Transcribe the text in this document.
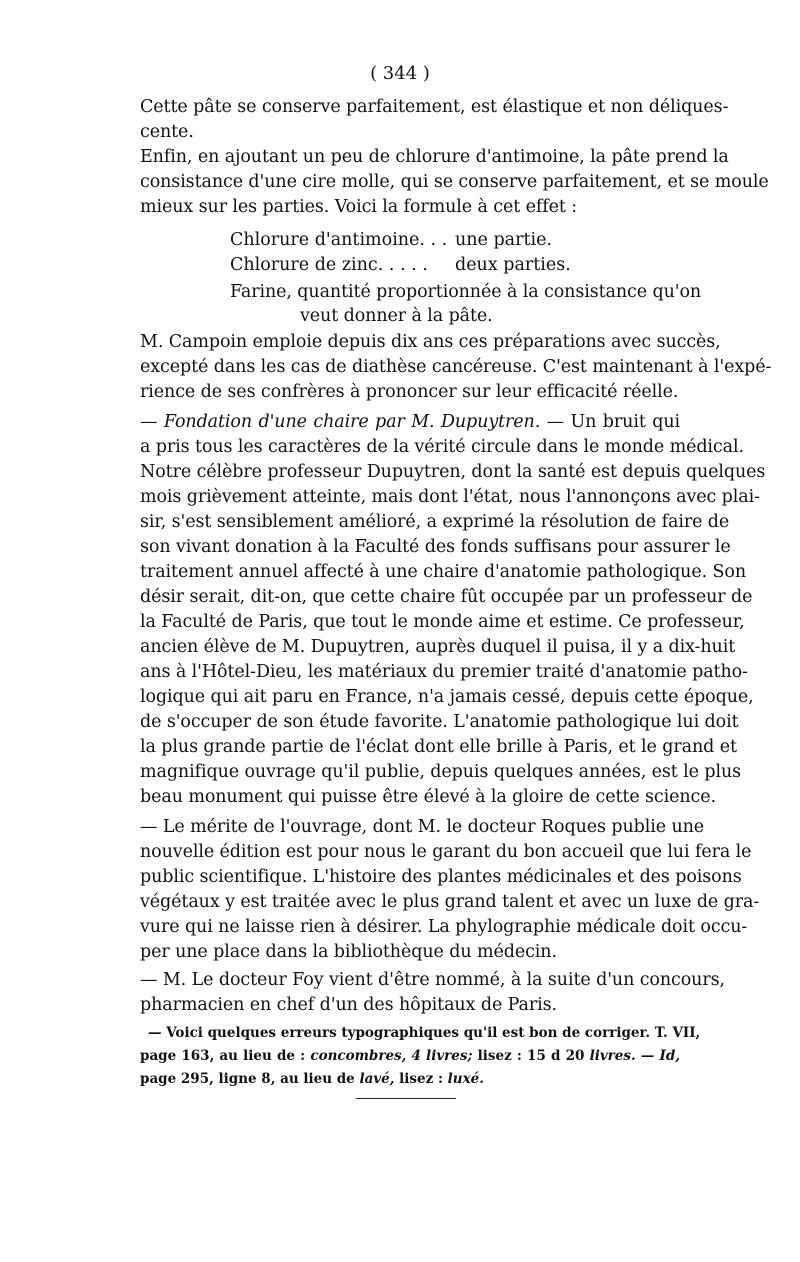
( 344 )
Cette pâte se conserve parfaitement, est élastique et non déliques-
cente.
Enfin, en ajoutant un peu de chlorure d'antimoine, la pâte prend la
consistance d'une cire molle, qui se conserve parfaitement, et se moule
mieux sur les parties. Voici la formule à cet effet :
Chlorure d'antimoine. . . une partie.
Chlorure de zinc. . . . . deux parties.
Farine, quantité proportionnée à la consistance qu'on
veut donner à la pâte.
M. Campoin emploie depuis dix ans ces préparations avec succès,
excepté dans les cas de diathèse cancéreuse. C'est maintenant à l'expé-
rience de ses confrères à prononcer sur leur efficacité réelle.
— Fondation d'une chaire par M. Dupuytren. — Un bruit qui
a pris tous les caractères de la vérité circule dans le monde médical.
Notre célèbre professeur Dupuytren, dont la santé est depuis quelques
mois grièvement atteinte, mais dont l'état, nous l'annonçons avec plai-
sir, s'est sensiblement amélioré, a exprimé la résolution de faire de
son vivant donation à la Faculté des fonds suffisans pour assurer le
traitement annuel affecté à une chaire d'anatomie pathologique. Son
désir serait, dit-on, que cette chaire fût occupée par un professeur de
la Faculté de Paris, que tout le monde aime et estime. Ce professeur,
ancien élève de M. Dupuytren, auprès duquel il puisa, il y a dix-huit
ans à l'Hôtel-Dieu, les matériaux du premier traité d'anatomie patho-
logique qui ait paru en France, n'a jamais cessé, depuis cette époque,
de s'occuper de son étude favorite. L'anatomie pathologique lui doit
la plus grande partie de l'éclat dont elle brille à Paris, et le grand et
magnifique ouvrage qu'il publie, depuis quelques années, est le plus
beau monument qui puisse être élevé à la gloire de cette science.
— Le mérite de l'ouvrage, dont M. le docteur Roques publie une
nouvelle édition est pour nous le garant du bon accueil que lui fera le
public scientifique. L'histoire des plantes médicinales et des poisons
végétaux y est traitée avec le plus grand talent et avec un luxe de gra-
vure qui ne laisse rien à désirer. La phylographie médicale doit occu-
per une place dans la bibliothèque du médecin.
— M. Le docteur Foy vient d'être nommé, à la suite d'un concours,
pharmacien en chef d'un des hôpitaux de Paris.
— Voici quelques erreurs typographiques qu'il est bon de corriger. T. VII,
page 163, au lieu de : concombres, 4 livres; lisez : 15 d 20 livres. — Id,
page 295, ligne 8, au lieu de lavé, lisez : luxé.
